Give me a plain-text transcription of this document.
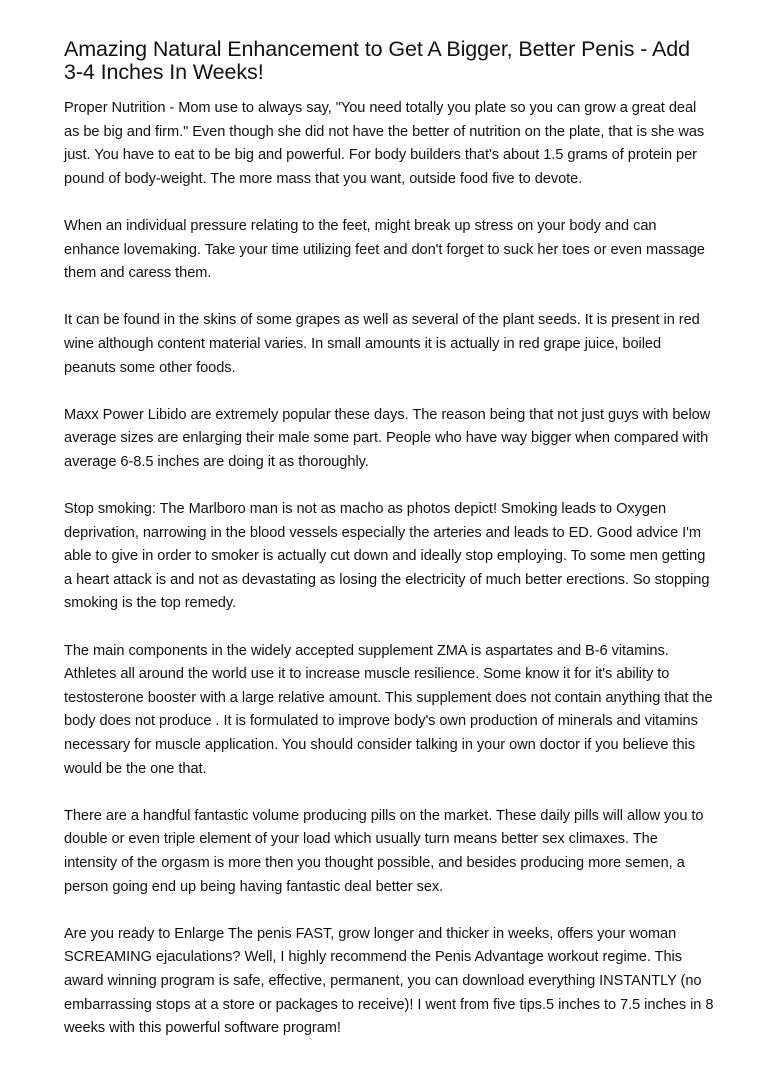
Amazing Natural Enhancement to Get A Bigger, Better Penis - Add 3-4 Inches In Weeks!

Proper Nutrition - Mom use to always say, "You need totally you plate so you can grow a great deal as be big and firm." Even though she did not have the better of nutrition on the plate, that is she was just. You have to eat to be big and powerful. For body builders that's about 1.5 grams of protein per pound of body-weight. The more mass that you want, outside food five to devote.

When an individual pressure relating to the feet, might break up stress on your body and can enhance lovemaking. Take your time utilizing feet and don't forget to suck her toes or even massage them and caress them.

It can be found in the skins of some grapes as well as several of the plant seeds. It is present in red wine although content material varies. In small amounts it is actually in red grape juice, boiled peanuts some other foods.

Maxx Power Libido are extremely popular these days. The reason being that not just guys with below average sizes are enlarging their male some part. People who have way bigger when compared with average 6-8.5 inches are doing it as thoroughly.

Stop smoking: The Marlboro man is not as macho as photos depict! Smoking leads to Oxygen deprivation, narrowing in the blood vessels especially the arteries and leads to ED. Good advice I'm able to give in order to smoker is actually cut down and ideally stop employing. To some men getting a heart attack is and not as devastating as losing the electricity of much better erections. So stopping smoking is the top remedy.

The main components in the widely accepted supplement ZMA is aspartates and B-6 vitamins. Athletes all around the world use it to increase muscle resilience. Some know it for it's ability to testosterone booster with a large relative amount. This supplement does not contain anything that the body does not produce . It is formulated to improve body's own production of minerals and vitamins necessary for muscle application. You should consider talking in your own doctor if you believe this would be the one that.

There are a handful fantastic volume producing pills on the market. These daily pills will allow you to double or even triple element of your load which usually turn means better sex climaxes. The intensity of the orgasm is more then you thought possible, and besides producing more semen, a person going end up being having fantastic deal better sex.

Are you ready to Enlarge The penis FAST, grow longer and thicker in weeks, offers your woman SCREAMING ejaculations? Well, I highly recommend the Penis Advantage workout regime. This award winning program is safe, effective, permanent, you can download everything INSTANTLY (no embarrassing stops at a store or packages to receive)! I went from five tips.5 inches to 7.5 inches in 8 weeks with this powerful software program!
